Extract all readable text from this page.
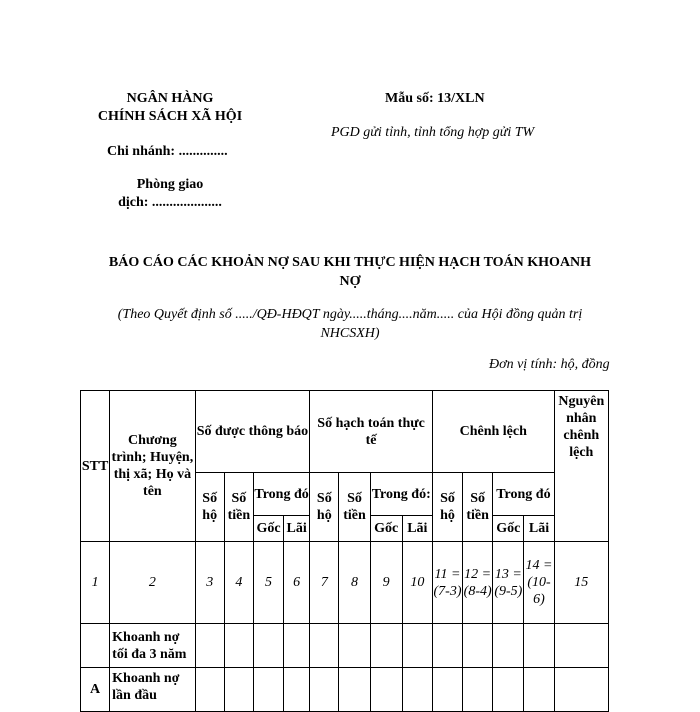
NGÂN HÀNG
CHÍNH SÁCH XÃ HỘI
Chi nhánh: ..............
Phòng giao
dịch: ....................
Mẫu số: 13/XLN
PGD gửi tỉnh, tỉnh tổng hợp gửi TW
BÁO CÁO CÁC KHOẢN NỢ SAU KHI THỰC HIỆN HẠCH TOÁN KHOANH
NỢ
(Theo Quyết định số ...../QĐ-HĐQT ngày.....tháng....năm..... của Hội đồng quản trị
NHCSXH)
Đơn vị tính: hộ, đồng
STT	Chương trình; Huyện, thị xã; Họ và tên	Số được thông báo				Số hạch toán thực tế				Chênh lệch				Nguyên nhân chênh lệch
		Số hộ	Số tiền	Trong đó		Số hộ	Số tiền	Trong đó:		Số hộ	Số tiền	Trong đó		
				Gốc	Lãi			Gốc	Lãi			Gốc	Lãi	
1	2	3	4	5	6	7	8	9	10	11 = (7-3)	12 = (8-4)	13 = (9-5)	14 = (10-6)	15
	Khoanh nợ tối đa 3 năm													
A	Khoanh nợ lần đầu													
